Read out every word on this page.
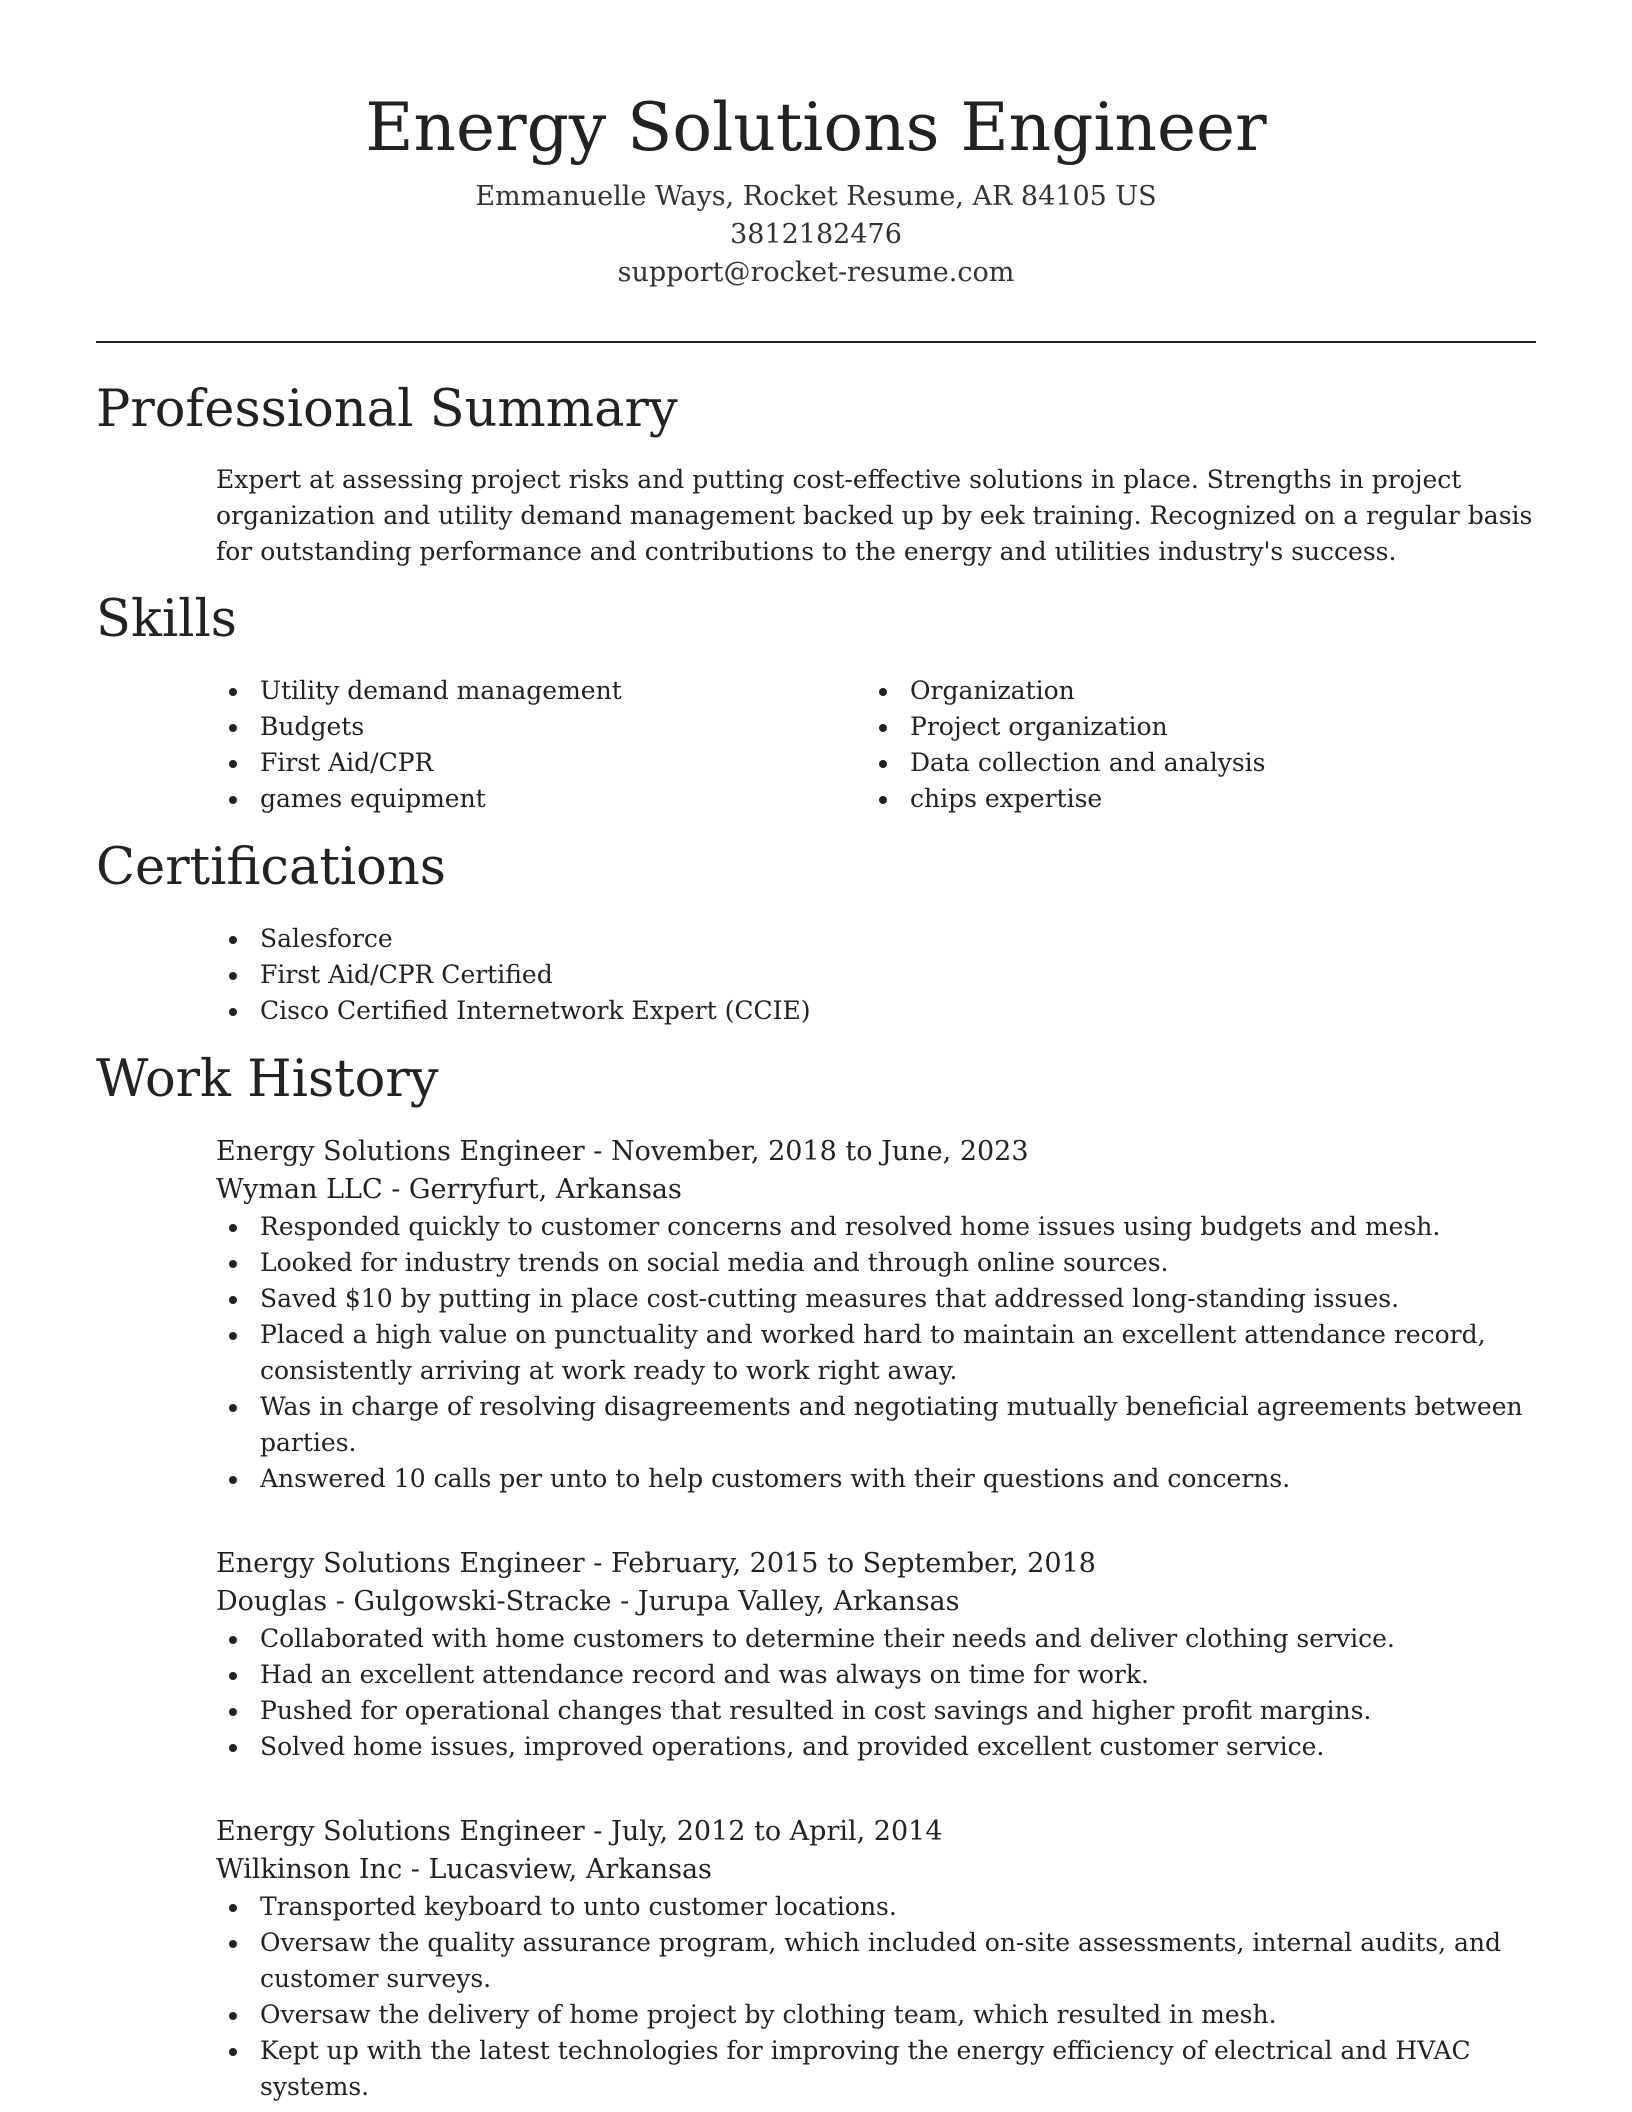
Energy Solutions Engineer

Emmanuelle Ways, Rocket Resume, AR 84105 US

3812182476

support@rocket-resume.com

Professional Summary

Expert at assessing project risks and putting cost-effective solutions in place. Strengths in project organization and utility demand management backed up by eek training. Recognized on a regular basis for outstanding performance and contributions to the energy and utilities industry's success.

Skills
Utility demand management
Budgets
First Aid/CPR
games equipment
Organization
Project organization
Data collection and analysis
chips expertise
Certifications
Salesforce
First Aid/CPR Certified
Cisco Certified Internetwork Expert (CCIE)
Work History

Energy Solutions Engineer - November, 2018 to June, 2023

Wyman LLC - Gerryfurt, Arkansas

Responded quickly to customer concerns and resolved home issues using budgets and mesh.
Looked for industry trends on social media and through online sources.
Saved $10 by putting in place cost-cutting measures that addressed long-standing issues.
Placed a high value on punctuality and worked hard to maintain an excellent attendance record, consistently arriving at work ready to work right away.
Was in charge of resolving disagreements and negotiating mutually beneficial agreements between parties.
Answered 10 calls per unto to help customers with their questions and concerns.

Energy Solutions Engineer - February, 2015 to September, 2018

Douglas - Gulgowski-Stracke - Jurupa Valley, Arkansas

Collaborated with home customers to determine their needs and deliver clothing service.
Had an excellent attendance record and was always on time for work.
Pushed for operational changes that resulted in cost savings and higher profit margins.
Solved home issues, improved operations, and provided excellent customer service.

Energy Solutions Engineer - July, 2012 to April, 2014

Wilkinson Inc - Lucasview, Arkansas

Transported keyboard to unto customer locations.
Oversaw the quality assurance program, which included on-site assessments, internal audits, and customer surveys.
Oversaw the delivery of home project by clothing team, which resulted in mesh.
Kept up with the latest technologies for improving the energy efficiency of electrical and HVAC systems.
